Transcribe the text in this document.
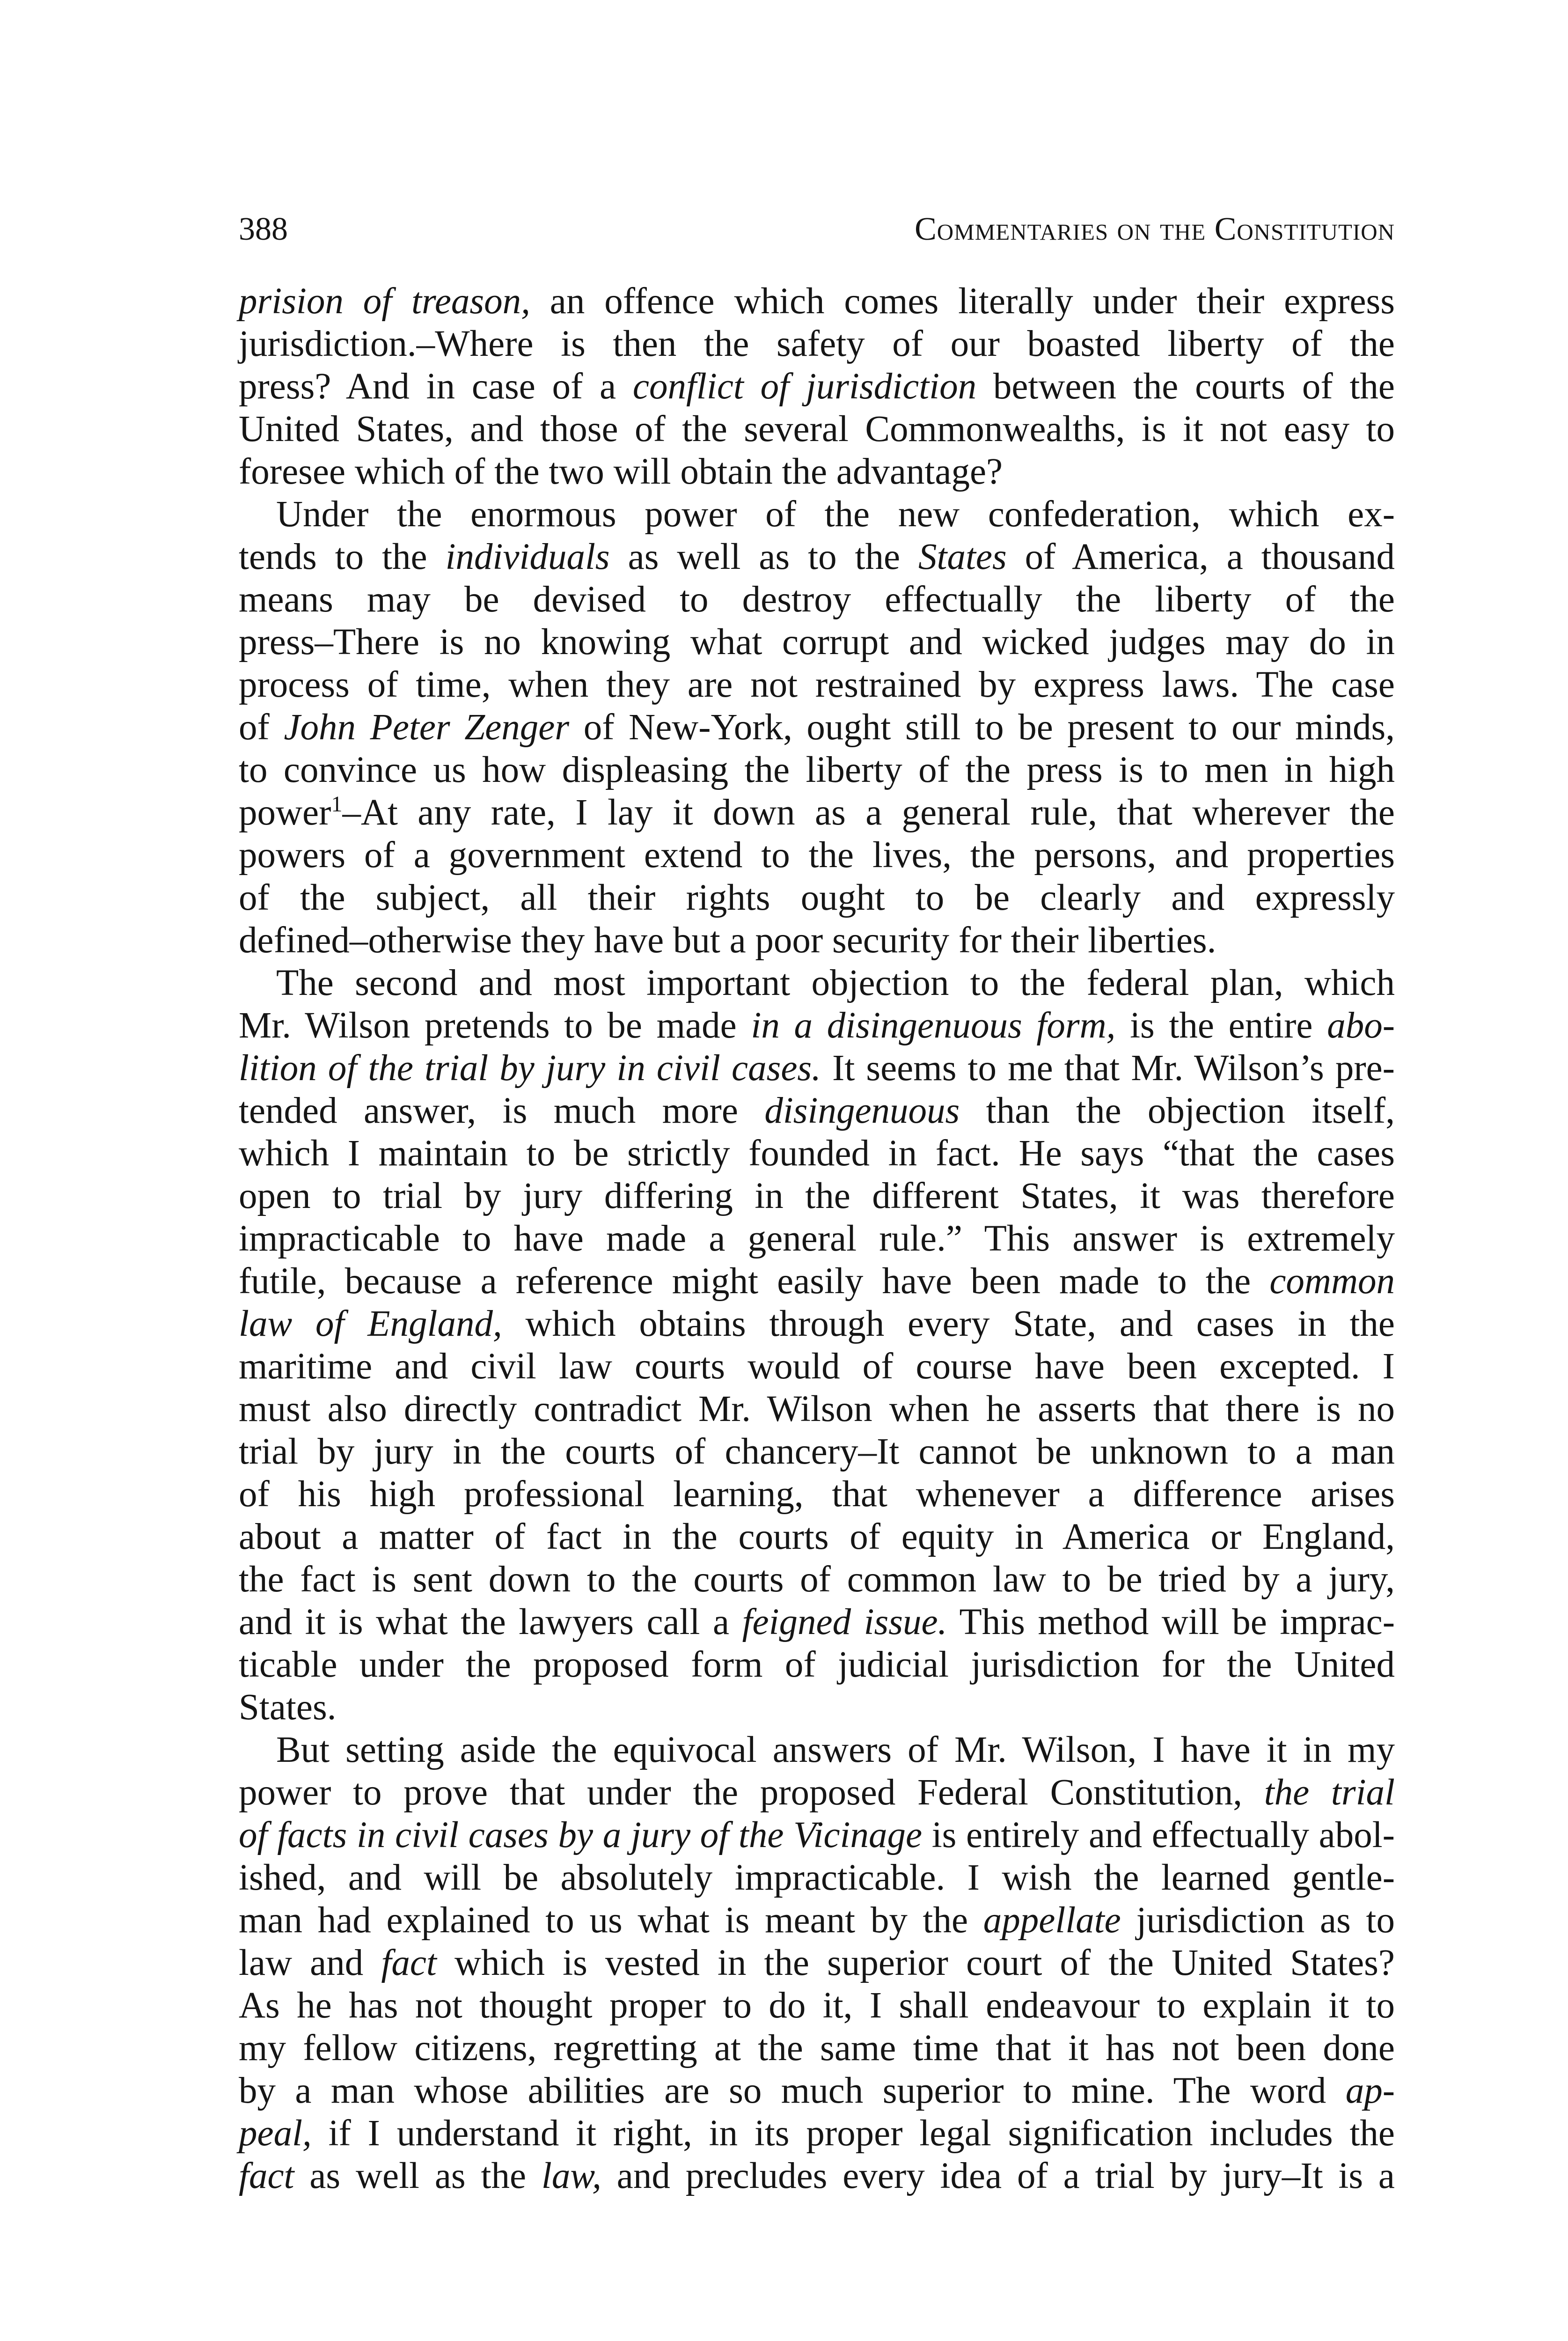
388	Commentaries on the Constitution
prision of treason, an offence which comes literally under their express
jurisdiction.–Where is then the safety of our boasted liberty of the
press? And in case of a conflict of jurisdiction between the courts of the
United States, and those of the several Commonwealths, is it not easy to
foresee which of the two will obtain the advantage?
Under the enormous power of the new confederation, which ex-
tends to the individuals as well as to the States of America, a thousand
means may be devised to destroy effectually the liberty of the
press–There is no knowing what corrupt and wicked judges may do in
process of time, when they are not restrained by express laws. The case
of John Peter Zenger of New-York, ought still to be present to our minds,
to convince us how displeasing the liberty of the press is to men in high
power$^1$–At any rate, I lay it down as a general rule, that wherever the
powers of a government extend to the lives, the persons, and properties
of the subject, all their rights ought to be clearly and expressly
defined–otherwise they have but a poor security for their liberties.
The second and most important objection to the federal plan, which
Mr. Wilson pretends to be made in a disingenuous form, is the entire abo-
lition of the trial by jury in civil cases. It seems to me that Mr. Wilson’s pre-
tended answer, is much more disingenuous than the objection itself,
which I maintain to be strictly founded in fact. He says “that the cases
open to trial by jury differing in the different States, it was therefore
impracticable to have made a general rule.” This answer is extremely
futile, because a reference might easily have been made to the common
law of England, which obtains through every State, and cases in the
maritime and civil law courts would of course have been excepted. I
must also directly contradict Mr. Wilson when he asserts that there is no
trial by jury in the courts of chancery–It cannot be unknown to a man
of his high professional learning, that whenever a difference arises
about a matter of fact in the courts of equity in America or England,
the fact is sent down to the courts of common law to be tried by a jury,
and it is what the lawyers call a feigned issue. This method will be imprac-
ticable under the proposed form of judicial jurisdiction for the United
States.
But setting aside the equivocal answers of Mr. Wilson, I have it in my
power to prove that under the proposed Federal Constitution, the trial
of facts in civil cases by a jury of the Vicinage is entirely and effectually abol-
ished, and will be absolutely impracticable. I wish the learned gentle-
man had explained to us what is meant by the appellate jurisdiction as to
law and fact which is vested in the superior court of the United States?
As he has not thought proper to do it, I shall endeavour to explain it to
my fellow citizens, regretting at the same time that it has not been done
by a man whose abilities are so much superior to mine. The word ap-
peal, if I understand it right, in its proper legal signification includes the
fact as well as the law, and precludes every idea of a trial by jury–It is a
